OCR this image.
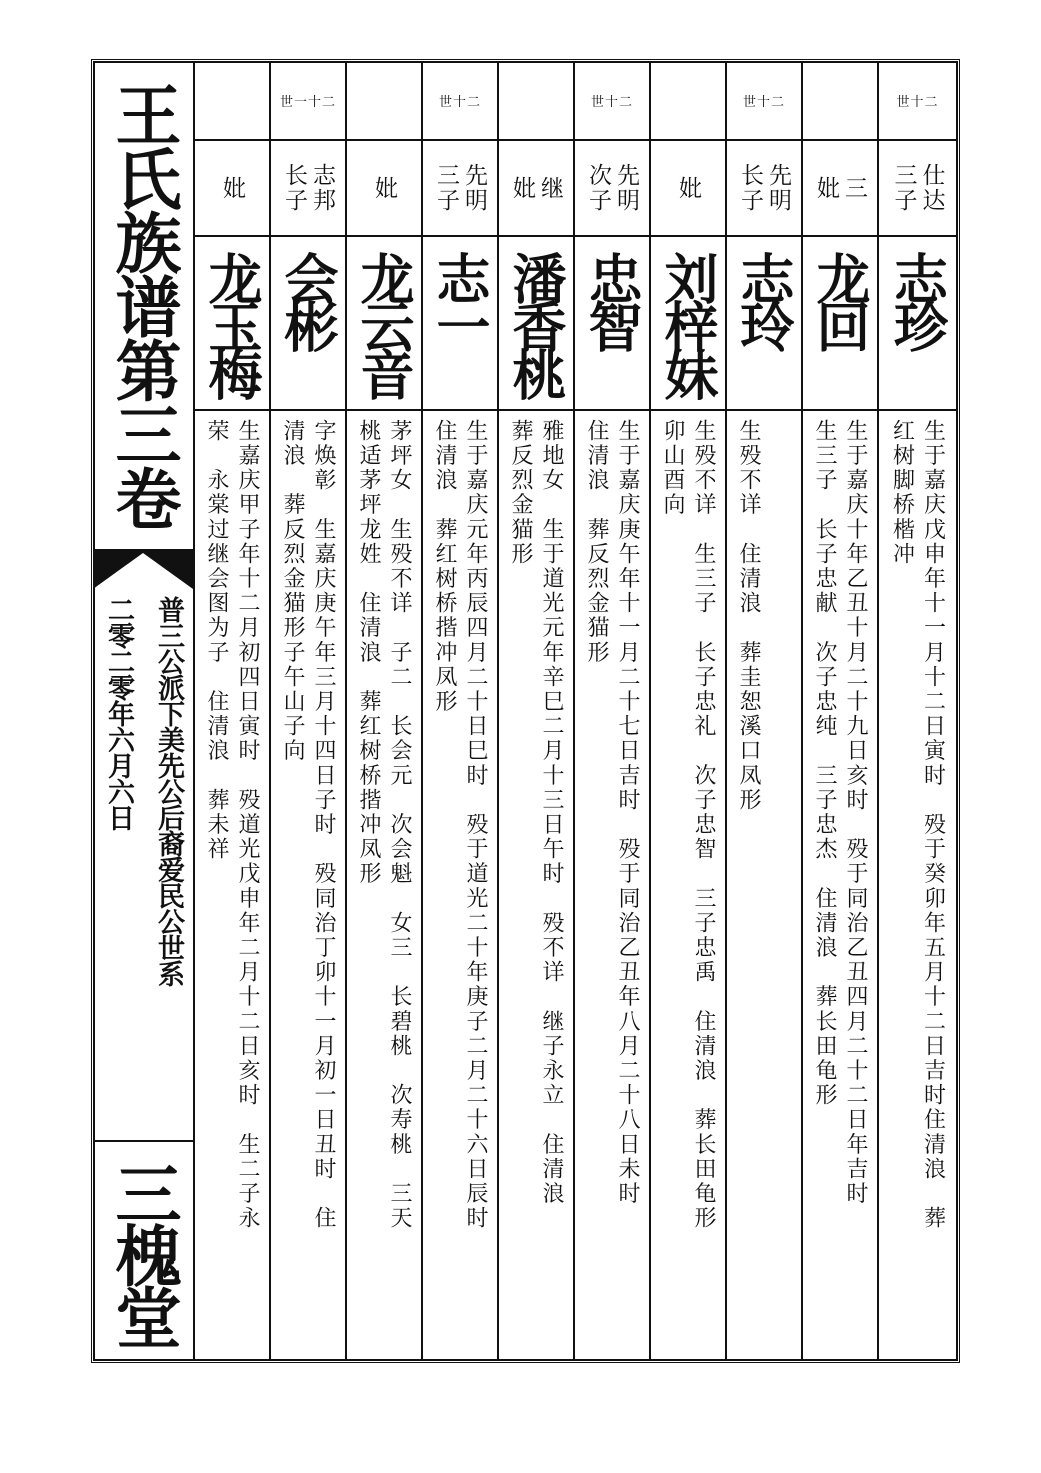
王氏族谱第三卷
普三公派下美先公后裔爱民公世系
二零二零年六月六日
三槐堂
妣
龙玉梅
生嘉庆甲子年十二月初四日寅时　殁道光戊申年二月十二日亥时　生二子永
荣　永棠过继会图为子　住清浪　葬未祥
世一十二
志邦
长子
会彬
字焕彰　生嘉庆庚午年三月十四日子时　殁同治丁卯十一月初一日丑时　住
清浪　葬反烈金猫形子午山子向
妣
龙云音
茅坪女　生殁不详　子二　长会元　次会魁　女三　长碧桃　次寿桃　三天
桃适茅坪龙姓　住清浪　葬红树桥揩冲凤形
世十二
先明
三子
志一
生于嘉庆元年丙辰四月二十日巳时　殁于道光二十年庚子二月二十六日辰时
住清浪　葬红树桥揩冲凤形
继
妣
潘香桃
雅地女　生于道光元年辛巳二月十三日午时　殁不详　继子永立　住清浪
葬反烈金猫形
世十二
先明
次子
忠智
生于嘉庆庚午年十一月二十七日吉时　殁于同治乙丑年八月二十八日未时
住清浪　葬反烈金猫形
妣
刘梓妹
生殁不详　生三子　长子忠礼　次子忠智　三子忠禹　住清浪　葬长田龟形
卯山酉向
世十二
先明
长子
志玲

生殁不详　住清浪　葬圭恕溪口凤形
三
妣
龙回
生于嘉庆十年乙丑十月二十九日亥时　殁于同治乙丑四月二十二日年吉时
生三子　长子忠献　次子忠纯　三子忠杰　住清浪　葬长田龟形
世十二
仕达
三子
志珍
生于嘉庆戊申年十一月十二日寅时　殁于癸卯年五月十二日吉时住清浪　葬
红树脚桥楷冲
